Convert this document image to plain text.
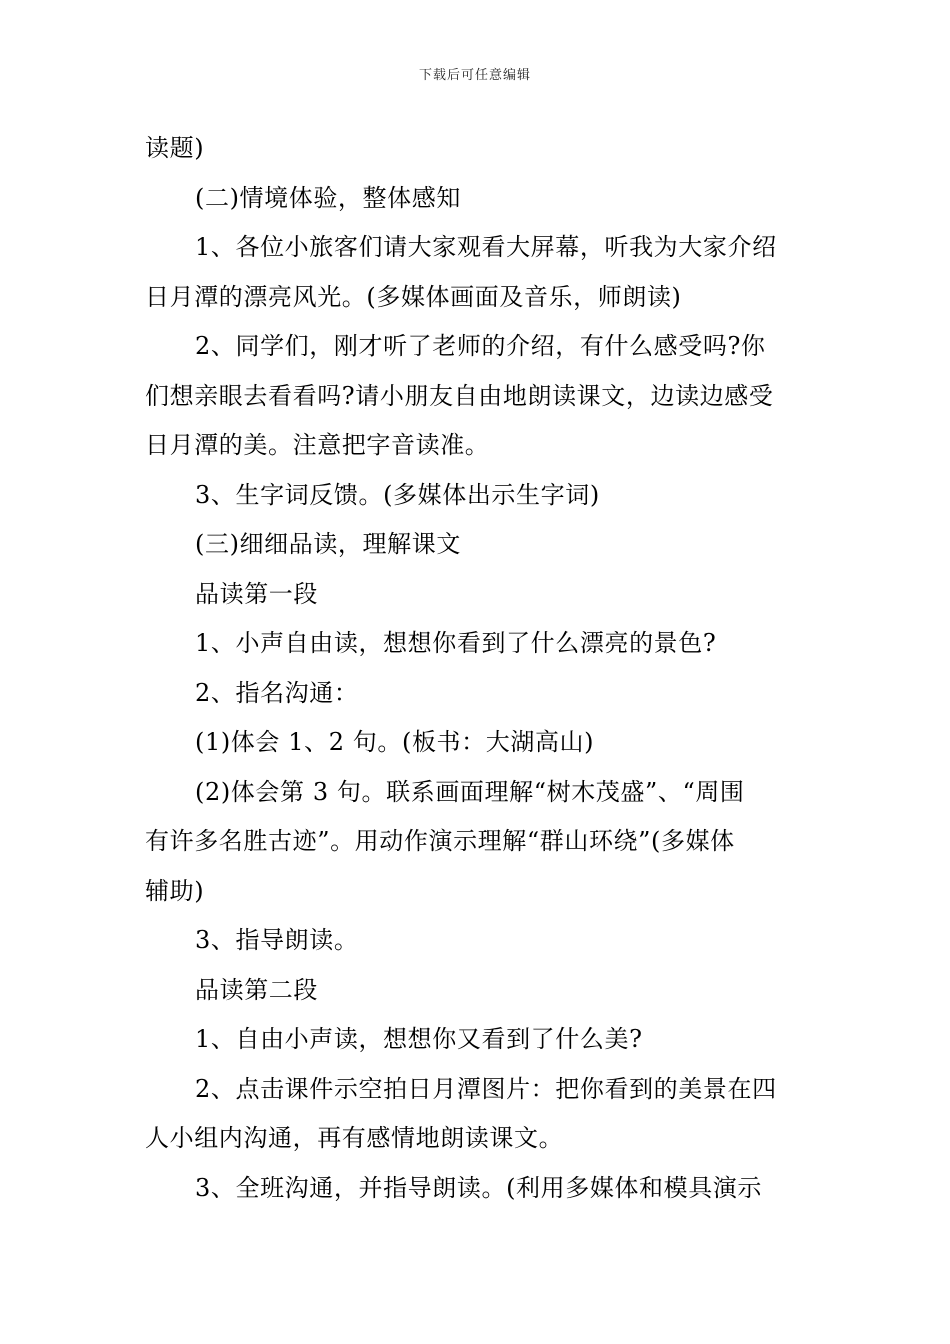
下载后可任意编辑

读题)

(二)情境体验，整体感知

1、各位小旅客们请大家观看大屏幕，听我为大家介绍

日月潭的漂亮风光。(多媒体画面及音乐，师朗读)

2、同学们，刚才听了老师的介绍，有什么感受吗?你

们想亲眼去看看吗?请小朋友自由地朗读课文，边读边感受

日月潭的美。注意把字音读准。

3、生字词反馈。(多媒体出示生字词)

(三)细细品读，理解课文

品读第一段

1、小声自由读，想想你看到了什么漂亮的景色?

2、指名沟通：

(1)体会 1、2 句。(板书：大湖高山)

(2)体会第 3 句。联系画面理解“树木茂盛”、“周围

有许多名胜古迹”。用动作演示理解“群山环绕”(多媒体

辅助)

3、指导朗读。

品读第二段

1、自由小声读，想想你又看到了什么美?

2、点击课件示空拍日月潭图片：把你看到的美景在四

人小组内沟通，再有感情地朗读课文。

3、全班沟通，并指导朗读。(利用多媒体和模具演示
